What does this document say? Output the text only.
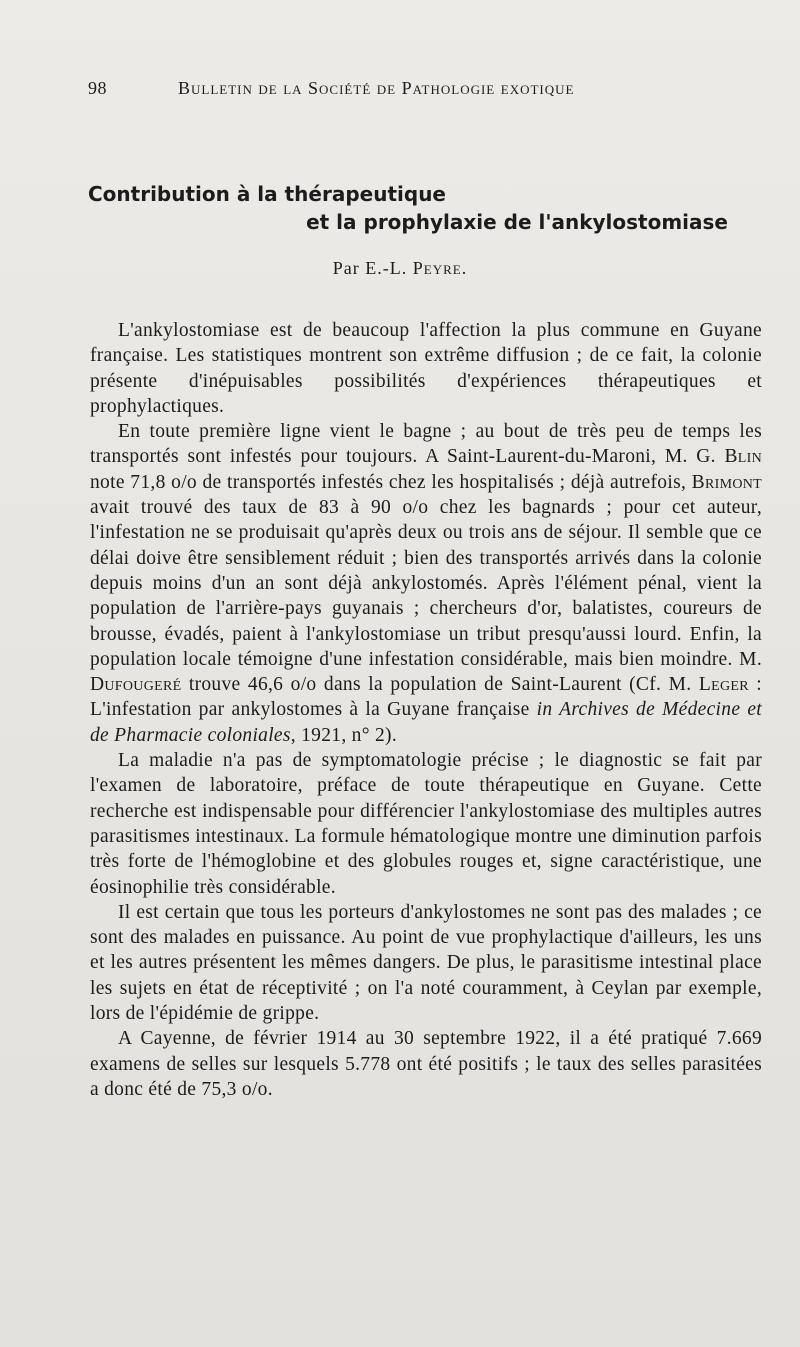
98	Bulletin de la Société de Pathologie exotique
Contribution à la thérapeutique
et la prophylaxie de l'ankylostomiase
Par E.-L. Peyre.

L'ankylostomiase est de beaucoup l'affection la plus commune en Guyane française. Les statistiques montrent son extrême diffusion ; de ce fait, la colonie présente d'inépuisables possibilités d'expériences thérapeutiques et prophylactiques.

En toute première ligne vient le bagne ; au bout de très peu de temps les transportés sont infestés pour toujours. A Saint-Laurent-du-Maroni, M. G. Blin note 71,8 o/o de transportés infestés chez les hospitalisés ; déjà autrefois, Brimont avait trouvé des taux de 83 à 90 o/o chez les bagnards ; pour cet auteur, l'infestation ne se produisait qu'après deux ou trois ans de séjour. Il semble que ce délai doive être sensiblement réduit ; bien des transportés arrivés dans la colonie depuis moins d'un an sont déjà ankylostomés. Après l'élément pénal, vient la population de l'arrière-pays guyanais ; chercheurs d'or, balatistes, coureurs de brousse, évadés, paient à l'ankylostomiase un tribut presqu'aussi lourd. Enfin, la population locale témoigne d'une infestation considérable, mais bien moindre. M. Dufougeré trouve 46,6 o/o dans la population de Saint-Laurent (Cf. M. Leger : L'infestation par ankylostomes à la Guyane française in Archives de Médecine et de Pharmacie coloniales, 1921, n° 2).

La maladie n'a pas de symptomatologie précise ; le diagnostic se fait par l'examen de laboratoire, préface de toute thérapeutique en Guyane. Cette recherche est indispensable pour différencier l'ankylostomiase des multiples autres parasitismes intestinaux. La formule hématologique montre une diminution parfois très forte de l'hémoglobine et des globules rouges et, signe caractéristique, une éosinophilie très considérable.

Il est certain que tous les porteurs d'ankylostomes ne sont pas des malades ; ce sont des malades en puissance. Au point de vue prophylactique d'ailleurs, les uns et les autres présentent les mêmes dangers. De plus, le parasitisme intestinal place les sujets en état de réceptivité ; on l'a noté couramment, à Ceylan par exemple, lors de l'épidémie de grippe.

A Cayenne, de février 1914 au 30 septembre 1922, il a été pratiqué 7.669 examens de selles sur lesquels 5.778 ont été positifs ; le taux des selles parasitées a donc été de 75,3 o/o.
